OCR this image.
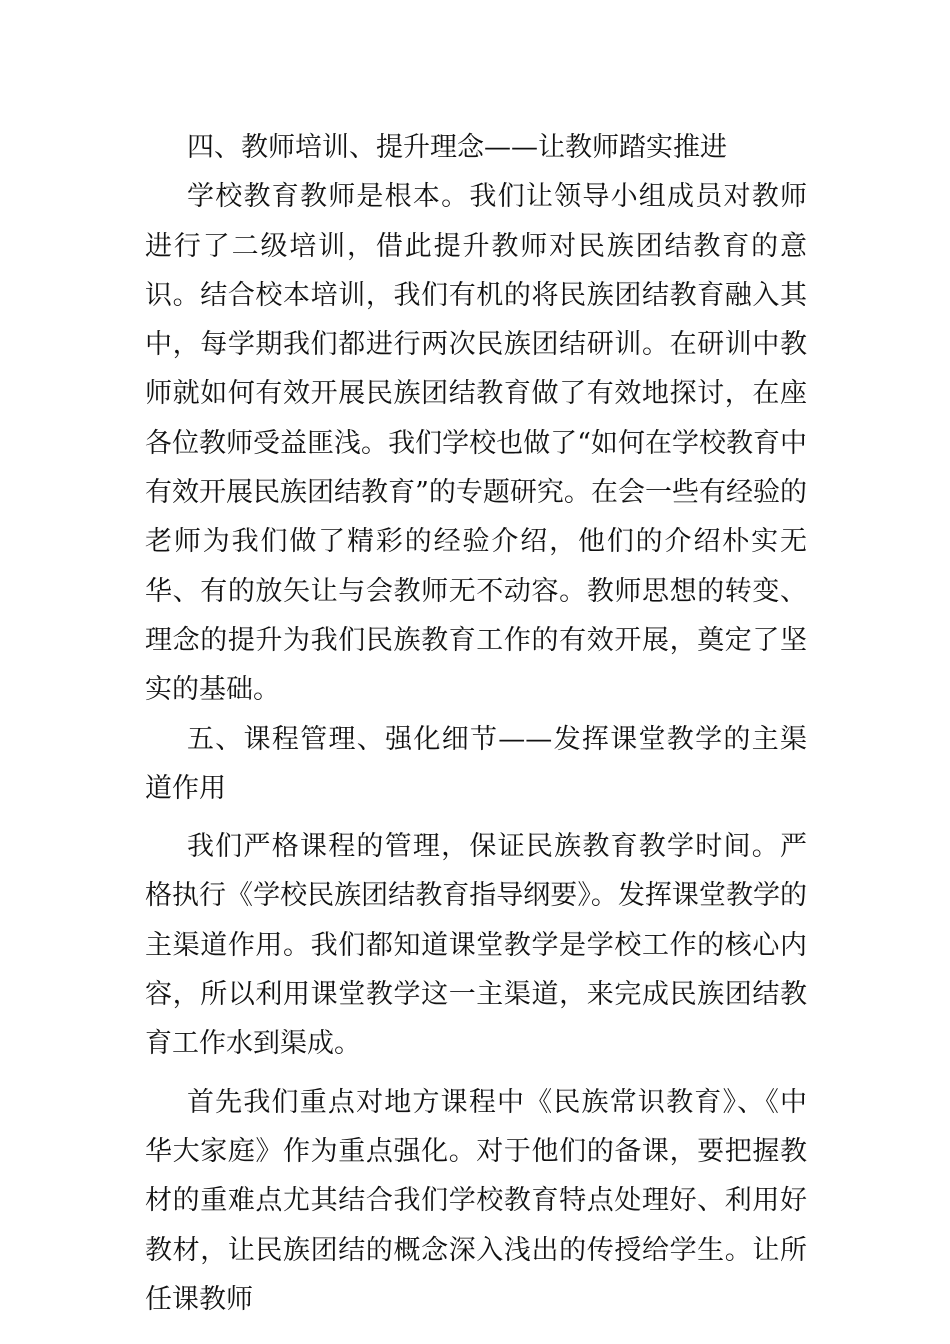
四、教师培训、提升理念——让教师踏实推进

学校教育教师是根本。我们让领导小组成员对教师进行了二级培训，借此提升教师对民族团结教育的意识。结合校本培训，我们有机的将民族团结教育融入其中，每学期我们都进行两次民族团结研训。在研训中教师就如何有效开展民族团结教育做了有效地探讨，在座各位教师受益匪浅。我们学校也做了“如何在学校教育中有效开展民族团结教育”的专题研究。在会一些有经验的老师为我们做了精彩的经验介绍，他们的介绍朴实无华、有的放矢让与会教师无不动容。教师思想的转变、理念的提升为我们民族教育工作的有效开展，奠定了坚实的基础。

五、课程管理、强化细节——发挥课堂教学的主渠道作用

我们严格课程的管理，保证民族教育教学时间。严格执行《学校民族团结教育指导纲要》。发挥课堂教学的主渠道作用。我们都知道课堂教学是学校工作的核心内容，所以利用课堂教学这一主渠道，来完成民族团结教育工作水到渠成。

首先我们重点对地方课程中《民族常识教育》、《中华大家庭》作为重点强化。对于他们的备课，要把握教材的重难点尤其结合我们学校教育特点处理好、利用好教材，让民族团结的概念深入浅出的传授给学生。让所任课教师
